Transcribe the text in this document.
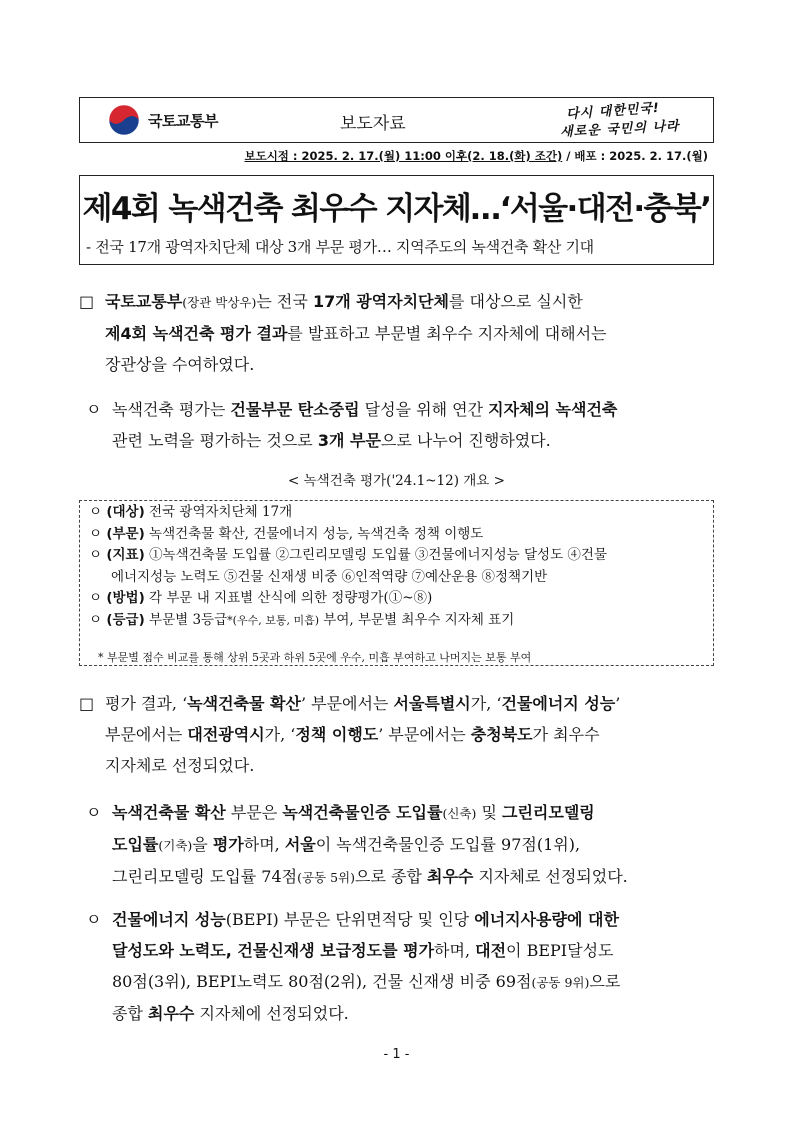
국토교통부	보도자료
다시 대한민국!
새로운 국민의 나라
보도시점 : 2025. 2. 17.(월) 11:00 이후(2. 18.(화) 조간) / 배포 : 2025. 2. 17.(월)
제4회 녹색건축 최우수 지자체…‘서울·대전·충북’
- 전국 17개 광역자치단체 대상 3개 부문 평가… 지역주도의 녹색건축 확산 기대
□ 국토교통부(장관 박상우)는 전국 17개 광역자치단체를 대상으로 실시한
제4회 녹색건축 평가 결과를 발표하고 부문별 최우수 지자체에 대해서는
장관상을 수여하였다.
ㅇ 녹색건축 평가는 건물부문 탄소중립 달성을 위해 연간 지자체의 녹색건축
관련 노력을 평가하는 것으로 3개 부문으로 나누어 진행하였다.
< 녹색건축 평가('24.1~12) 개요 >
ㅇ (대상) 전국 광역자치단체 17개
ㅇ (부문) 녹색건축물 확산, 건물에너지 성능, 녹색건축 정책 이행도
ㅇ (지표) ①녹색건축물 도입률 ②그린리모델링 도입률 ③건물에너지성능 달성도 ④건물
에너지성능 노력도 ⑤건물 신재생 비중 ⑥인적역량 ⑦예산운용 ⑧정책기반
ㅇ (방법) 각 부문 내 지표별 산식에 의한 정량평가(①~⑧)
ㅇ (등급) 부문별 3등급*(우수, 보통, 미흡) 부여, 부문별 최우수 지자체 표기
* 부문별 점수 비교를 통해 상위 5곳과 하위 5곳에 우수, 미흡 부여하고 나머지는 보통 부여
□ 평가 결과, ‘녹색건축물 확산’ 부문에서는 서울특별시가, ‘건물에너지 성능’
부문에서는 대전광역시가, ‘정책 이행도’ 부문에서는 충청북도가 최우수
지자체로 선정되었다.
ㅇ 녹색건축물 확산 부문은 녹색건축물인증 도입률(신축) 및 그린리모델링
도입률(기축)을 평가하며, 서울이 녹색건축물인증 도입률 97점(1위),
그린리모델링 도입률 74점(공동 5위)으로 종합 최우수 지자체로 선정되었다.
ㅇ 건물에너지 성능(BEPI) 부문은 단위면적당 및 인당 에너지사용량에 대한
달성도와 노력도, 건물신재생 보급정도를 평가하며, 대전이 BEPI달성도
80점(3위), BEPI노력도 80점(2위), 건물 신재생 비중 69점(공동 9위)으로
종합 최우수 지자체에 선정되었다.
- 1 -
